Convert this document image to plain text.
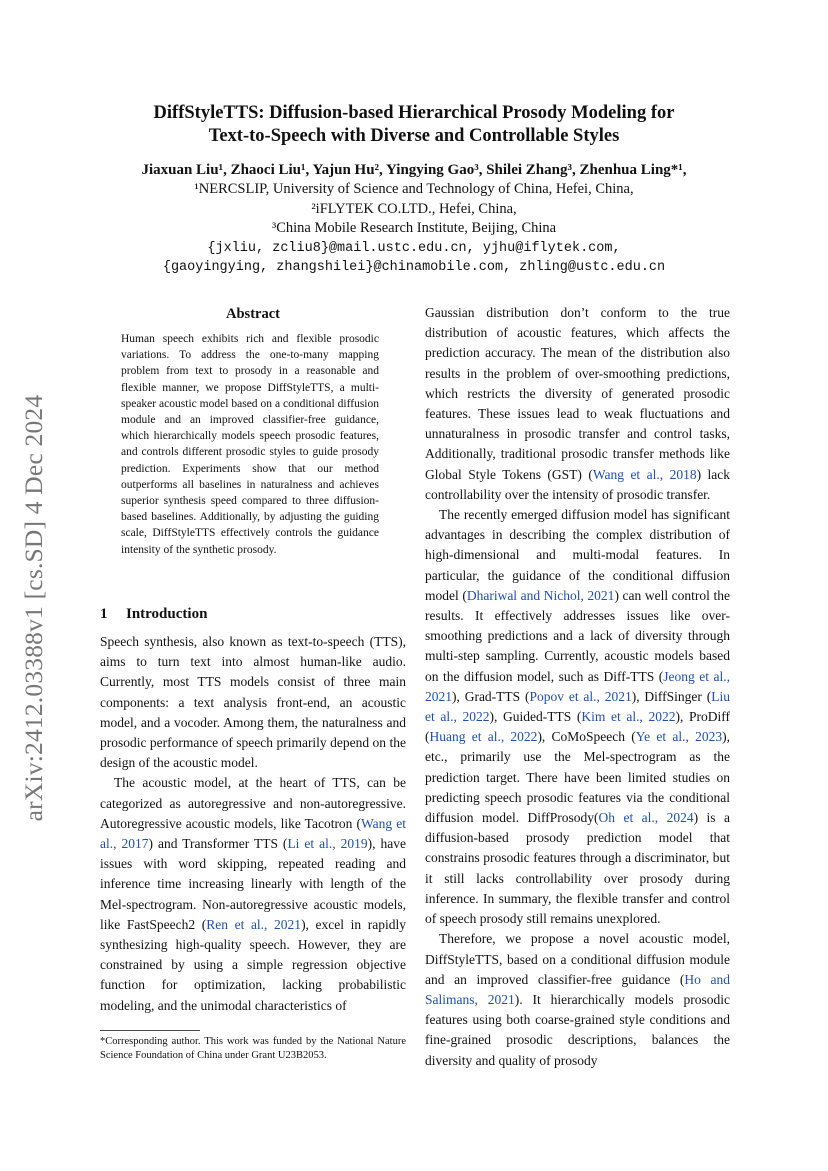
arXiv:2412.03388v1 [cs.SD] 4 Dec 2024
DiffStyleTTS: Diffusion-based Hierarchical Prosody Modeling for
Text-to-Speech with Diverse and Controllable Styles
Jiaxuan Liu¹, Zhaoci Liu¹, Yajun Hu², Yingying Gao³, Shilei Zhang³, Zhenhua Ling*¹,
¹NERCSLIP, University of Science and Technology of China, Hefei, China,
²iFLYTEK CO.LTD., Hefei, China,
³China Mobile Research Institute, Beijing, China
{jxliu, zcliu8}@mail.ustc.edu.cn, yjhu@iflytek.com,
{gaoyingying, zhangshilei}@chinamobile.com, zhling@ustc.edu.cn
Abstract
Human speech exhibits rich and flexible prosodic variations. To address the one-to-many mapping problem from text to prosody in a reasonable and flexible manner, we propose DiffStyleTTS, a multi-speaker acoustic model based on a conditional diffusion module and an improved classifier-free guidance, which hierarchically models speech prosodic features, and controls different prosodic styles to guide prosody prediction. Experiments show that our method outperforms all baselines in naturalness and achieves superior synthesis speed compared to three diffusion-based baselines. Additionally, by adjusting the guiding scale, DiffStyleTTS effectively controls the guidance intensity of the synthetic prosody.
1 Introduction

Speech synthesis, also known as text-to-speech (TTS), aims to turn text into almost human-like audio. Currently, most TTS models consist of three main components: a text analysis front-end, an acoustic model, and a vocoder. Among them, the naturalness and prosodic performance of speech primarily depend on the design of the acoustic model.

The acoustic model, at the heart of TTS, can be categorized as autoregressive and non-autoregressive. Autoregressive acoustic models, like Tacotron (Wang et al., 2017) and Transformer TTS (Li et al., 2019), have issues with word skipping, repeated reading and inference time increasing linearly with length of the Mel-spectrogram. Non-autoregressive acoustic models, like FastSpeech2 (Ren et al., 2021), excel in rapidly synthesizing high-quality speech. However, they are constrained by using a simple regression objective function for optimization, lacking probabilistic modeling, and the unimodal characteristics of

*Corresponding author. This work was funded by the National Nature Science Foundation of China under Grant U23B2053.

Gaussian distribution don’t conform to the true distribution of acoustic features, which affects the prediction accuracy. The mean of the distribution also results in the problem of over-smoothing predictions, which restricts the diversity of generated prosodic features. These issues lead to weak fluctuations and unnaturalness in prosodic transfer and control tasks, Additionally, traditional prosodic transfer methods like Global Style Tokens (GST) (Wang et al., 2018) lack controllability over the intensity of prosodic transfer.

The recently emerged diffusion model has significant advantages in describing the complex distribution of high-dimensional and multi-modal features. In particular, the guidance of the conditional diffusion model (Dhariwal and Nichol, 2021) can well control the results. It effectively addresses issues like over-smoothing predictions and a lack of diversity through multi-step sampling. Currently, acoustic models based on the diffusion model, such as Diff-TTS (Jeong et al., 2021), Grad-TTS (Popov et al., 2021), DiffSinger (Liu et al., 2022), Guided-TTS (Kim et al., 2022), ProDiff (Huang et al., 2022), CoMoSpeech (Ye et al., 2023), etc., primarily use the Mel-spectrogram as the prediction target. There have been limited studies on predicting speech prosodic features via the conditional diffusion model. DiffProsody(Oh et al., 2024) is a diffusion-based prosody prediction model that constrains prosodic features through a discriminator, but it still lacks controllability over prosody during inference. In summary, the flexible transfer and control of speech prosody still remains unexplored.

Therefore, we propose a novel acoustic model, DiffStyleTTS, based on a conditional diffusion module and an improved classifier-free guidance (Ho and Salimans, 2021). It hierarchically models prosodic features using both coarse-grained style conditions and fine-grained prosodic descriptions, balances the diversity and quality of prosody
